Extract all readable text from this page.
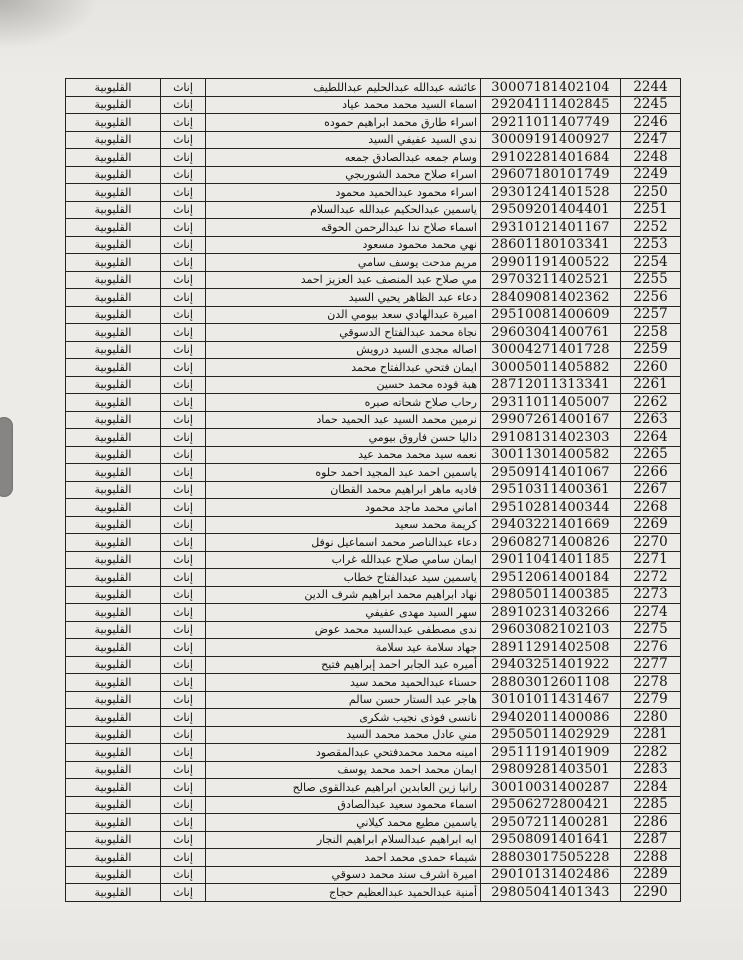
2244	30007181402104	عائشه عبدالله عبدالحليم عبداللطيف	إناث	القليوبية
2245	29204111402845	اسماء السيد محمد محمد عياد	إناث	القليوبية
2246	29211011407749	اسراء طارق محمد ابراهيم حموده	إناث	القليوبية
2247	30009191400927	ندي السيد عفيفي السيد	إناث	القليوبية
2248	29102281401684	وسام جمعه عبدالصادق جمعه	إناث	القليوبية
2249	29607180101749	اسراء صلاح محمد الشوربجي	إناث	القليوبية
2250	29301241401528	اسراء محمود عبدالحميد محمود	إناث	القليوبية
2251	29509201404401	ياسمين عبدالحكيم عبدالله عبدالسلام	إناث	القليوبية
2252	29310121401167	اسماء صلاح ندا عبدالرحمن الحوقه	إناث	القليوبية
2253	28601180103341	نهي محمد محمود مسعود	إناث	القليوبية
2254	29901191400522	مريم مدحت يوسف سامي	إناث	القليوبية
2255	29703211402521	مي صلاح عبد المنصف عبد العزيز احمد	إناث	القليوبية
2256	28409081402362	دعاء عبد الظاهر يحيي السيد	إناث	القليوبية
2257	29510081400609	اميرة عبدالهادي سعد بيومي الدن	إناث	القليوبية
2258	29603041400761	نجاة محمد عبدالفتاح الدسوقي	إناث	القليوبية
2259	30004271401728	اصاله مجدى السيد درويش	إناث	القليوبية
2260	30005011405882	ايمان فتحي عبدالفتاح محمد	إناث	القليوبية
2261	28712011313341	هبة فوده محمد حسين	إناث	القليوبية
2262	29311011405007	رحاب صلاح شحاته صبره	إناث	القليوبية
2263	29907261400167	نرمين محمد السيد عبد الحميد حماد	إناث	القليوبية
2264	29108131402303	داليا حسن فاروق بيومي	إناث	القليوبية
2265	30011301400582	نعمه سيد محمد محمد عيد	إناث	القليوبية
2266	29509141401067	ياسمين احمد عبد المجيد احمد حلوه	إناث	القليوبية
2267	29510311400361	فاديه ماهر ابراهيم محمد القطان	إناث	القليوبية
2268	29510281400344	اماني محمد ماجد محمود	إناث	القليوبية
2269	29403221401669	كريمة محمد سعيد	إناث	القليوبية
2270	29608271400826	دعاء عبدالناصر محمد اسماعيل نوفل	إناث	القليوبية
2271	29011041401185	ايمان سامي صلاح عبدالله غراب	إناث	القليوبية
2272	29512061400184	ياسمين سيد عبدالفتاح خطاب	إناث	القليوبية
2273	29805011400385	نهاد ابراهيم محمد ابراهيم شرف الدين	إناث	القليوبية
2274	28910231403266	سهر السيد مهدى عفيفي	إناث	القليوبية
2275	29603082102103	ندى مصطفى عبدالسيد محمد عوض	إناث	القليوبية
2276	28911291402508	جهاد سلامة عيد سلامة	إناث	القليوبية
2277	29403251401922	أميره عبد الجابر احمد إبراهيم فتيح	إناث	القليوبية
2278	28803012601108	حسناء عبدالحميد محمد سيد	إناث	القليوبية
2279	30101011431467	هاجر عبد الستار حسن سالم	إناث	القليوبية
2280	29402011400086	نانسى فوذى نجيب شكرى	إناث	القليوبية
2281	29505011402929	مني عادل محمد محمد السيد	إناث	القليوبية
2282	29511191401909	امينه محمد محمدفتحي عبدالمقصود	إناث	القليوبية
2283	29809281403501	ايمان محمد احمد محمد يوسف	إناث	القليوبية
2284	30010031400287	رانيا زين العابدين ابراهيم عبدالقوى صالح	إناث	القليوبية
2285	29506272800421	اسماء محمود سعيد عبدالصادق	إناث	القليوبية
2286	29507211400281	ياسمين مطيع محمد كيلاني	إناث	القليوبية
2287	29508091401641	ايه ابراهيم عبدالسلام ابراهيم النجار	إناث	القليوبية
2288	28803017505228	شيماء حمدى محمد احمد	إناث	القليوبية
2289	29010131402486	اميرة اشرف سند محمد دسوقي	إناث	القليوبية
2290	29805041401343	أمنية عبدالحميد عبدالعظيم حجاج	إناث	القليوبية
